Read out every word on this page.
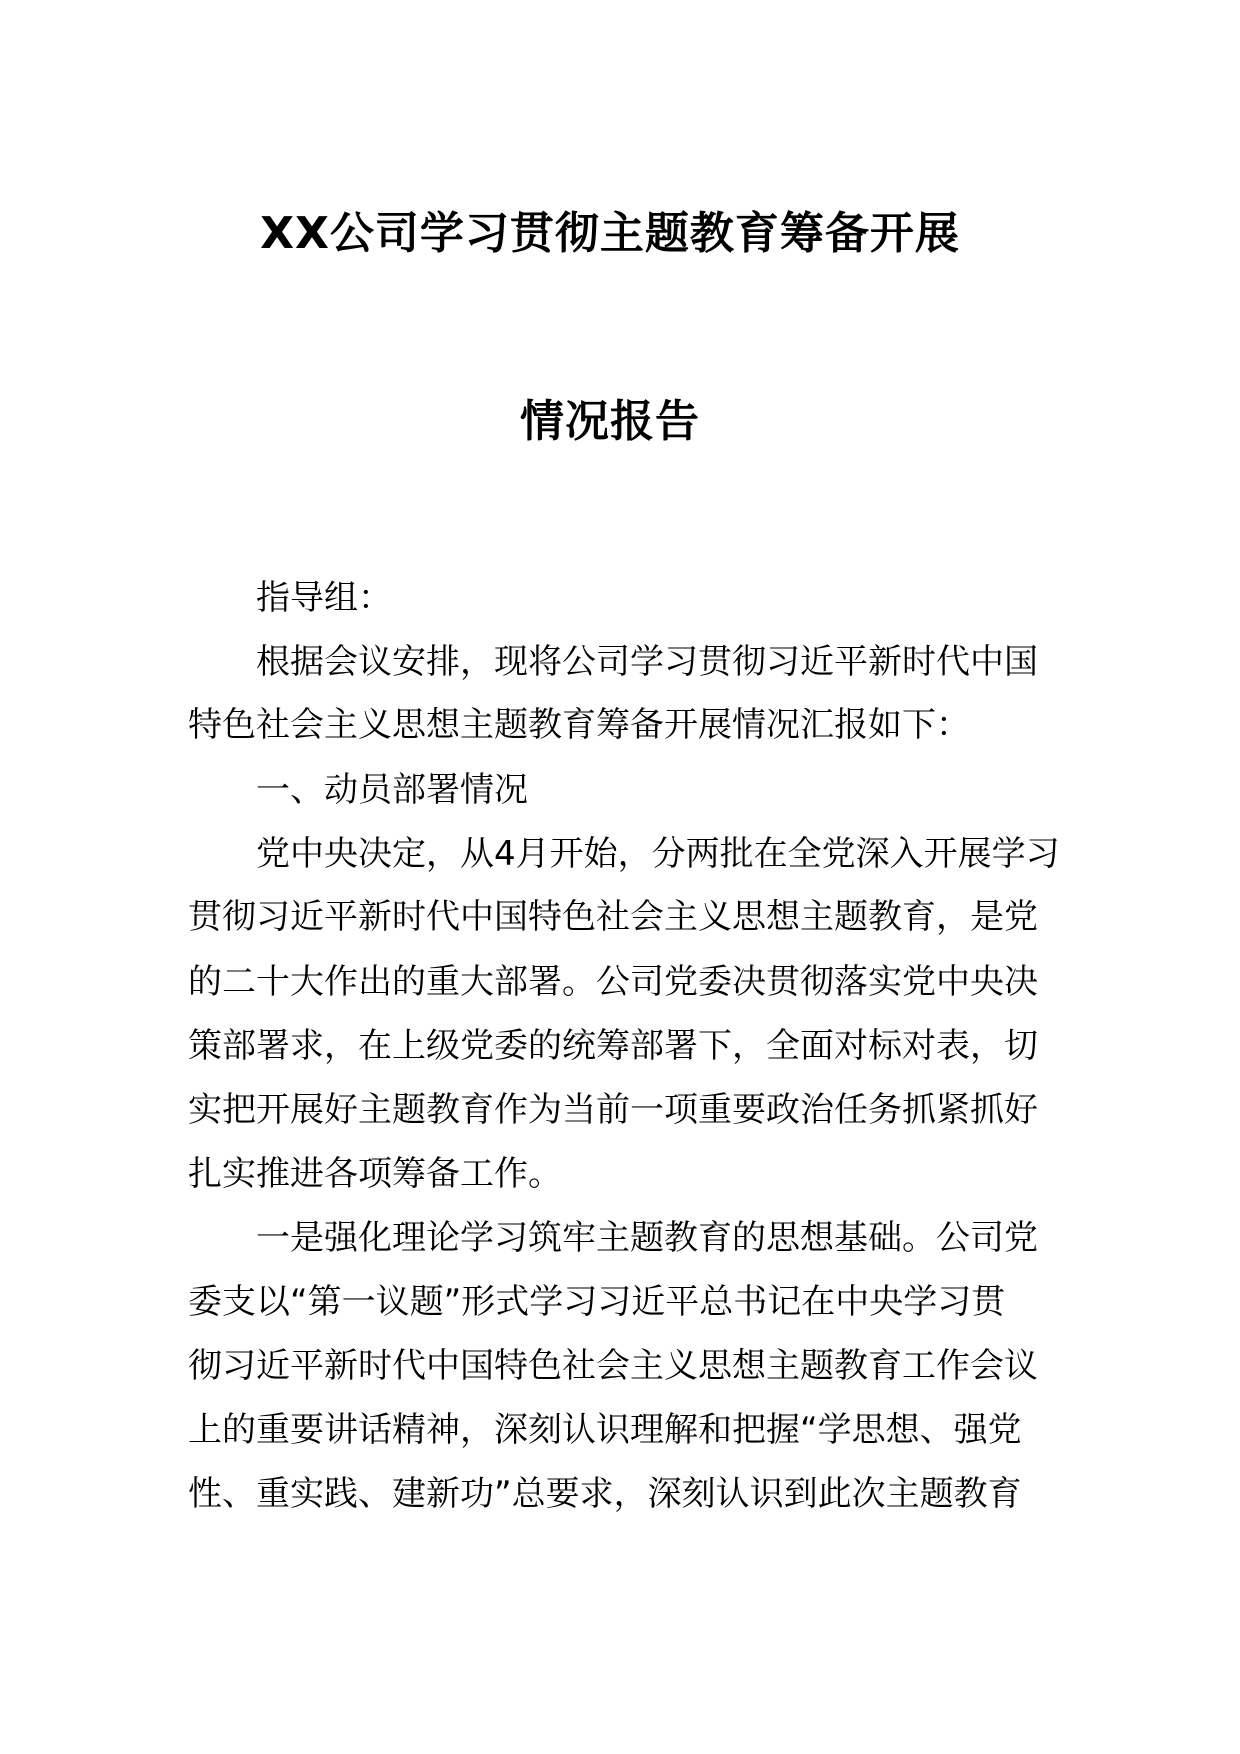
XX公司学习贯彻主题教育筹备开展
情况报告
指导组：
根据会议安排，现将公司学习贯彻习近平新时代中国
特色社会主义思想主题教育筹备开展情况汇报如下：
一、动员部署情况
党中央决定，从4月开始，分两批在全党深入开展学习
贯彻习近平新时代中国特色社会主义思想主题教育，是党
的二十大作出的重大部署。公司党委决贯彻落实党中央决
策部署求，在上级党委的统筹部署下，全面对标对表，切
实把开展好主题教育作为当前一项重要政治任务抓紧抓好
扎实推进各项筹备工作。
一是强化理论学习筑牢主题教育的思想基础。公司党
委支以“第一议题”形式学习习近平总书记在中央学习贯
彻习近平新时代中国特色社会主义思想主题教育工作会议
上的重要讲话精神，深刻认识理解和把握“学思想、强党
性、重实践、建新功”总要求，深刻认识到此次主题教育
